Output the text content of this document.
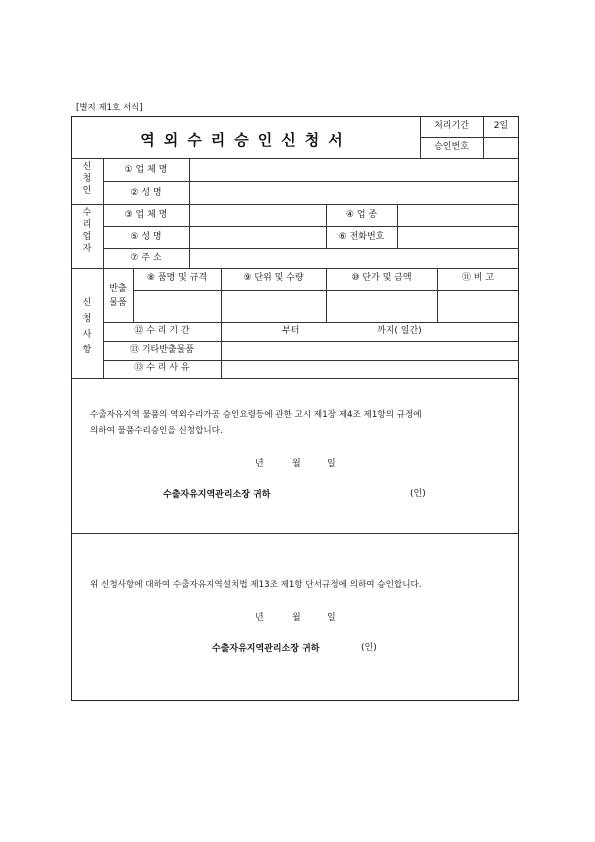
[별지 제1호 서식]
역외수리승인신청서
처리기간	2일
승인번호
신
청
인
① 업 체 명
② 성 명
수
리
업
자
③ 업 체 명	④ 업 종
⑤ 성 명	⑥ 전화번호
⑦ 주 소
신
청
사
항
반출
물품
⑧ 품명 및 규격	⑨ 단위 및 수량	⑩ 단가 및 금액	⑪ 비 고
⑫ 수 리 기 간	부터	까지( 일간)
⑬ 기타반출물품
⑬ 수 리 사 유
수출자유지역 물품의 역외수리가공 승인요령등에 관한 고시 제1장 제4조 제1항의 규정에
의하여 물품수리승인을 신청합니다.
년	월	일
수출자유지역관리소장 귀하	(인)
위 신청사항에 대하여 수출자유지역설치법 제13조 제1항 단서규정에 의하여 승인합니다.
년	월	일
수출자유지역관리소장 귀하	(인)
